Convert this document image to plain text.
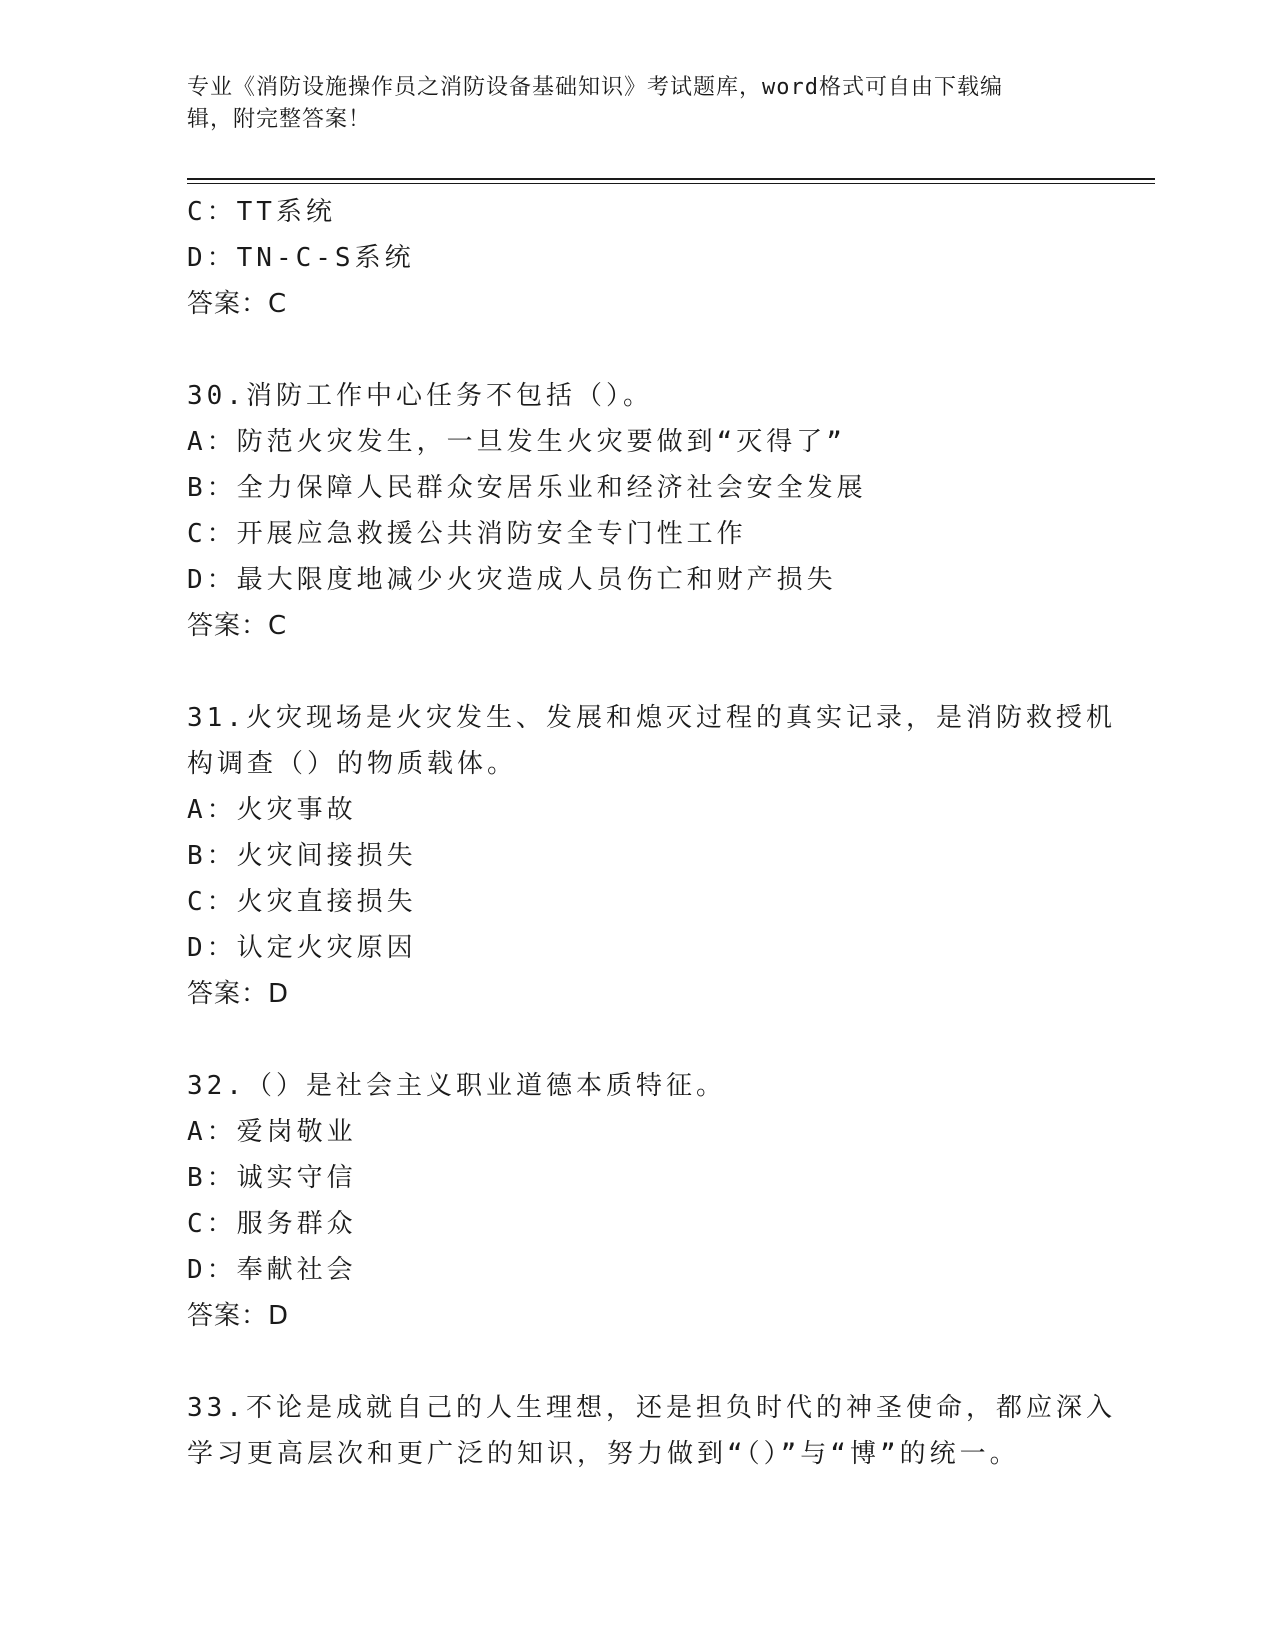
专业《消防设施操作员之消防设备基础知识》考试题库，word格式可自由下载编
辑，附完整答案！
C：TT系统
D：TN-C-S系统
答案：C
30.消防工作中心任务不包括（）。
A：防范火灾发生，一旦发生火灾要做到“灭得了”
B：全力保障人民群众安居乐业和经济社会安全发展
C：开展应急救援公共消防安全专门性工作
D：最大限度地减少火灾造成人员伤亡和财产损失
答案：C
31.火灾现场是火灾发生、发展和熄灭过程的真实记录，是消防救授机
构调查（）的物质载体。
A：火灾事故
B：火灾间接损失
C：火灾直接损失
D：认定火灾原因
答案：D
32.（）是社会主义职业道德本质特征。
A：爱岗敬业
B：诚实守信
C：服务群众
D：奉献社会
答案：D
33.不论是成就自己的人生理想，还是担负时代的神圣使命，都应深入
学习更高层次和更广泛的知识，努力做到“（）”与“博”的统一。
